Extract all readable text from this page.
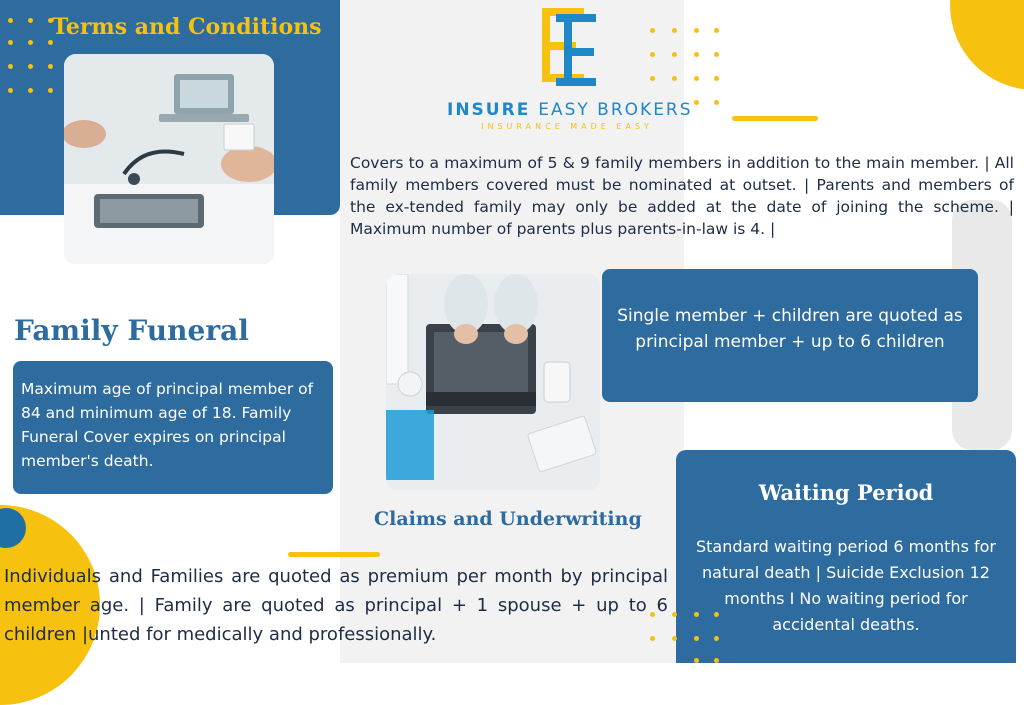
Terms and Conditions
INSURE EASY BROKERS
INSURANCE MADE EASY
Covers to a maximum of 5 & 9 family members in addition to the main member. | All family members covered must be nominated at outset. | Parents and members of the ex-tended family may only be added at the date of joining the scheme. | Maximum number of parents plus parents-in-law is 4. |
Family Funeral
Maximum age of principal member of 84 and minimum age of 18. Family Funeral Cover expires on principal member's death.
Single member + children are quoted as principal member + up to 6 children
Waiting Period
Standard waiting period 6 months for natural death | Suicide Exclusion 12 months I No waiting period for accidental deaths.
Claims and Underwriting
Individuals and Families are quoted as premium per month by principal member age. | Family are quoted as principal + 1 spouse + up to 6 children |unted for medically and professionally.
